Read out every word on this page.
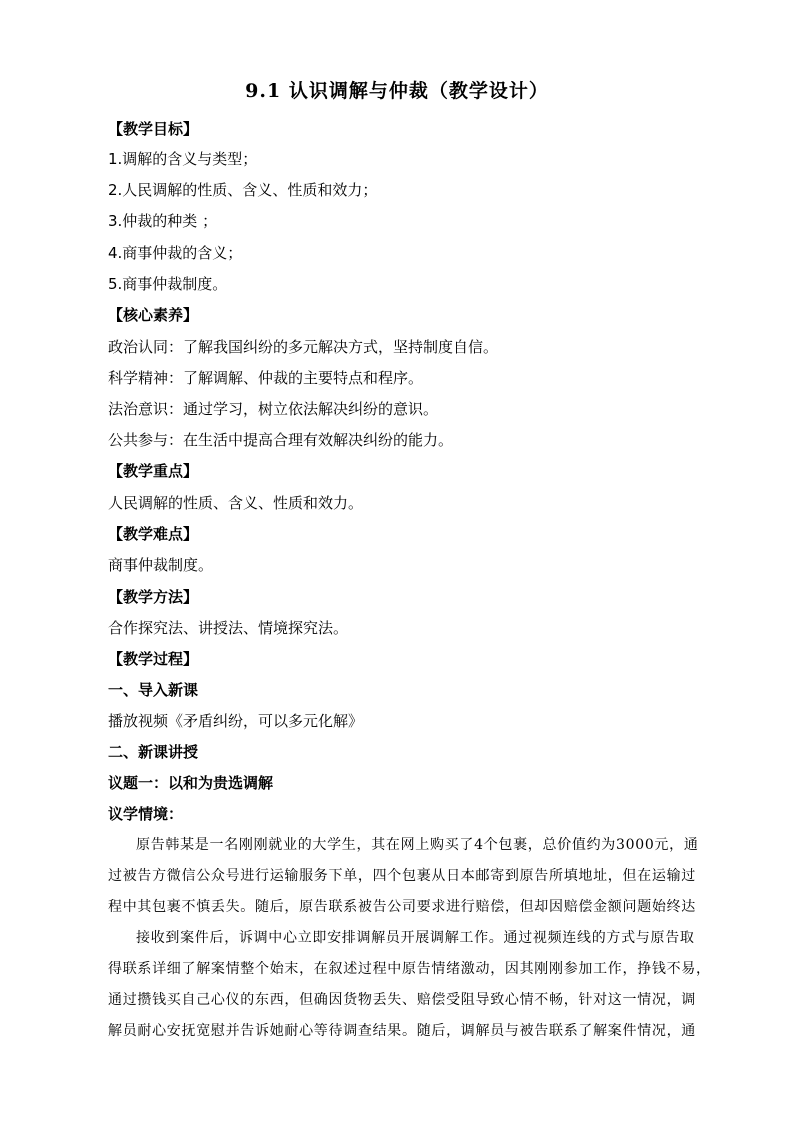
9.1 认识调解与仲裁（教学设计）
【教学目标】
1.调解的含义与类型；
2.人民调解的性质、含义、性质和效力；
3.仲裁的种类 ；
4.商事仲裁的含义；
5.商事仲裁制度。
【核心素养】
政治认同：了解我国纠纷的多元解决方式，坚持制度自信。
科学精神：了解调解、仲裁的主要特点和程序。
法治意识：通过学习，树立依法解决纠纷的意识。
公共参与：在生活中提高合理有效解决纠纷的能力。
【教学重点】
人民调解的性质、含义、性质和效力。
【教学难点】
商事仲裁制度。
【教学方法】
合作探究法、讲授法、情境探究法。
【教学过程】
一、导入新课
播放视频《矛盾纠纷，可以多元化解》
二、新课讲授
议题一：以和为贵选调解
议学情境：
原告韩某是一名刚刚就业的大学生，其在网上购买了4个包裹，总价值约为3000元，通
过被告方微信公众号进行运输服务下单，四个包裹从日本邮寄到原告所填地址，但在运输过
程中其包裹不慎丢失。随后，原告联系被告公司要求进行赔偿，但却因赔偿金额问题始终达
接收到案件后，诉调中心立即安排调解员开展调解工作。通过视频连线的方式与原告取
得联系详细了解案情整个始末，在叙述过程中原告情绪激动，因其刚刚参加工作，挣钱不易，
通过攒钱买自己心仪的东西，但确因货物丢失、赔偿受阻导致心情不畅，针对这一情况，调
解员耐心安抚宽慰并告诉她耐心等待调查结果。随后，调解员与被告联系了解案件情况，通
